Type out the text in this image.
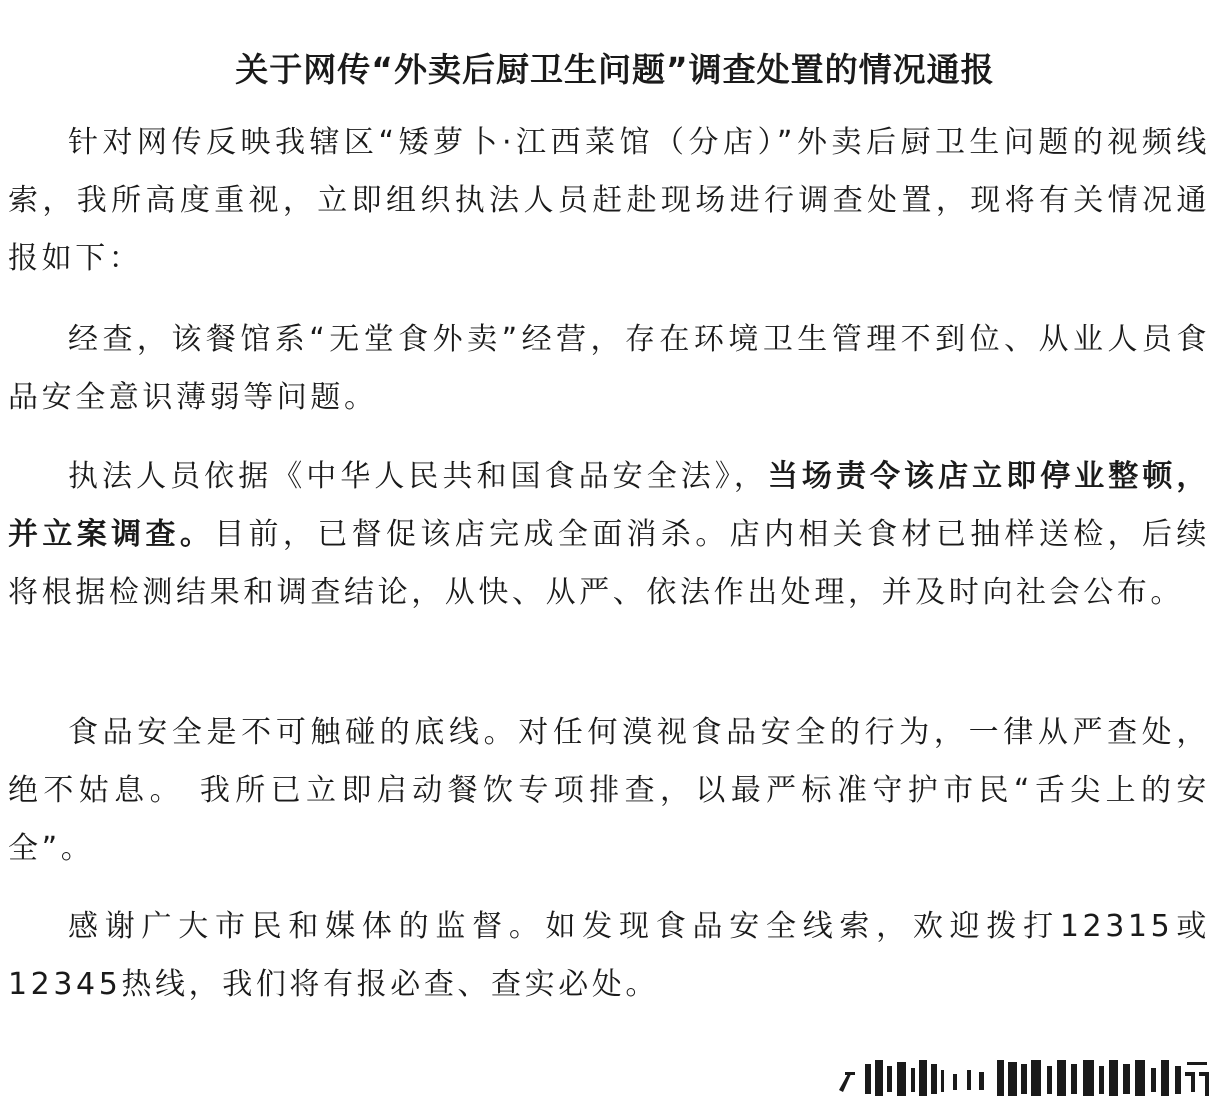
关于网传“外卖后厨卫生问题”调查处置的情况通报

针对网传反映我辖区“矮萝卜·江西菜馆（分店）”外卖后厨卫生问题的视频线索，我所高度重视，立即组织执法人员赶赴现场进行调查处置，现将有关情况通报如下：

经查，该餐馆系“无堂食外卖”经营，存在环境卫生管理不到位、从业人员食品安全意识薄弱等问题。

执法人员依据《中华人民共和国食品安全法》，当场责令该店立即停业整顿，并立案调查。目前，已督促该店完成全面消杀。店内相关食材已抽样送检，后续将根据检测结果和调查结论，从快、从严、依法作出处理，并及时向社会公布。

食品安全是不可触碰的底线。对任何漠视食品安全的行为，一律从严查处，绝不姑息。 我所已立即启动餐饮专项排查，以最严标准守护市民“舌尖上的安全”。

感谢广大市民和媒体的监督。如发现食品安全线索，欢迎拨打12315或12345热线，我们将有报必查、查实必处。
